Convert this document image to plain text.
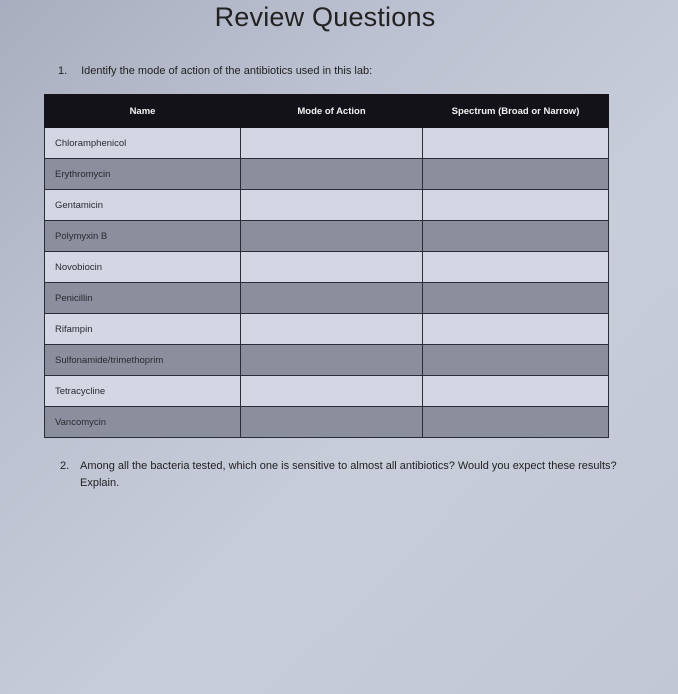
Review Questions
1. Identify the mode of action of the antibiotics used in this lab:
Name	Mode of Action	Spectrum (Broad or Narrow)
Chloramphenicol		
Erythromycin		
Gentamicin		
Polymyxin B		
Novobiocin		
Penicillin		
Rifampin		
Sulfonamide/trimethoprim		
Tetracycline		
Vancomycin		
2. Among all the bacteria tested, which one is sensitive to almost all antibiotics? Would you expect these results? Explain.
